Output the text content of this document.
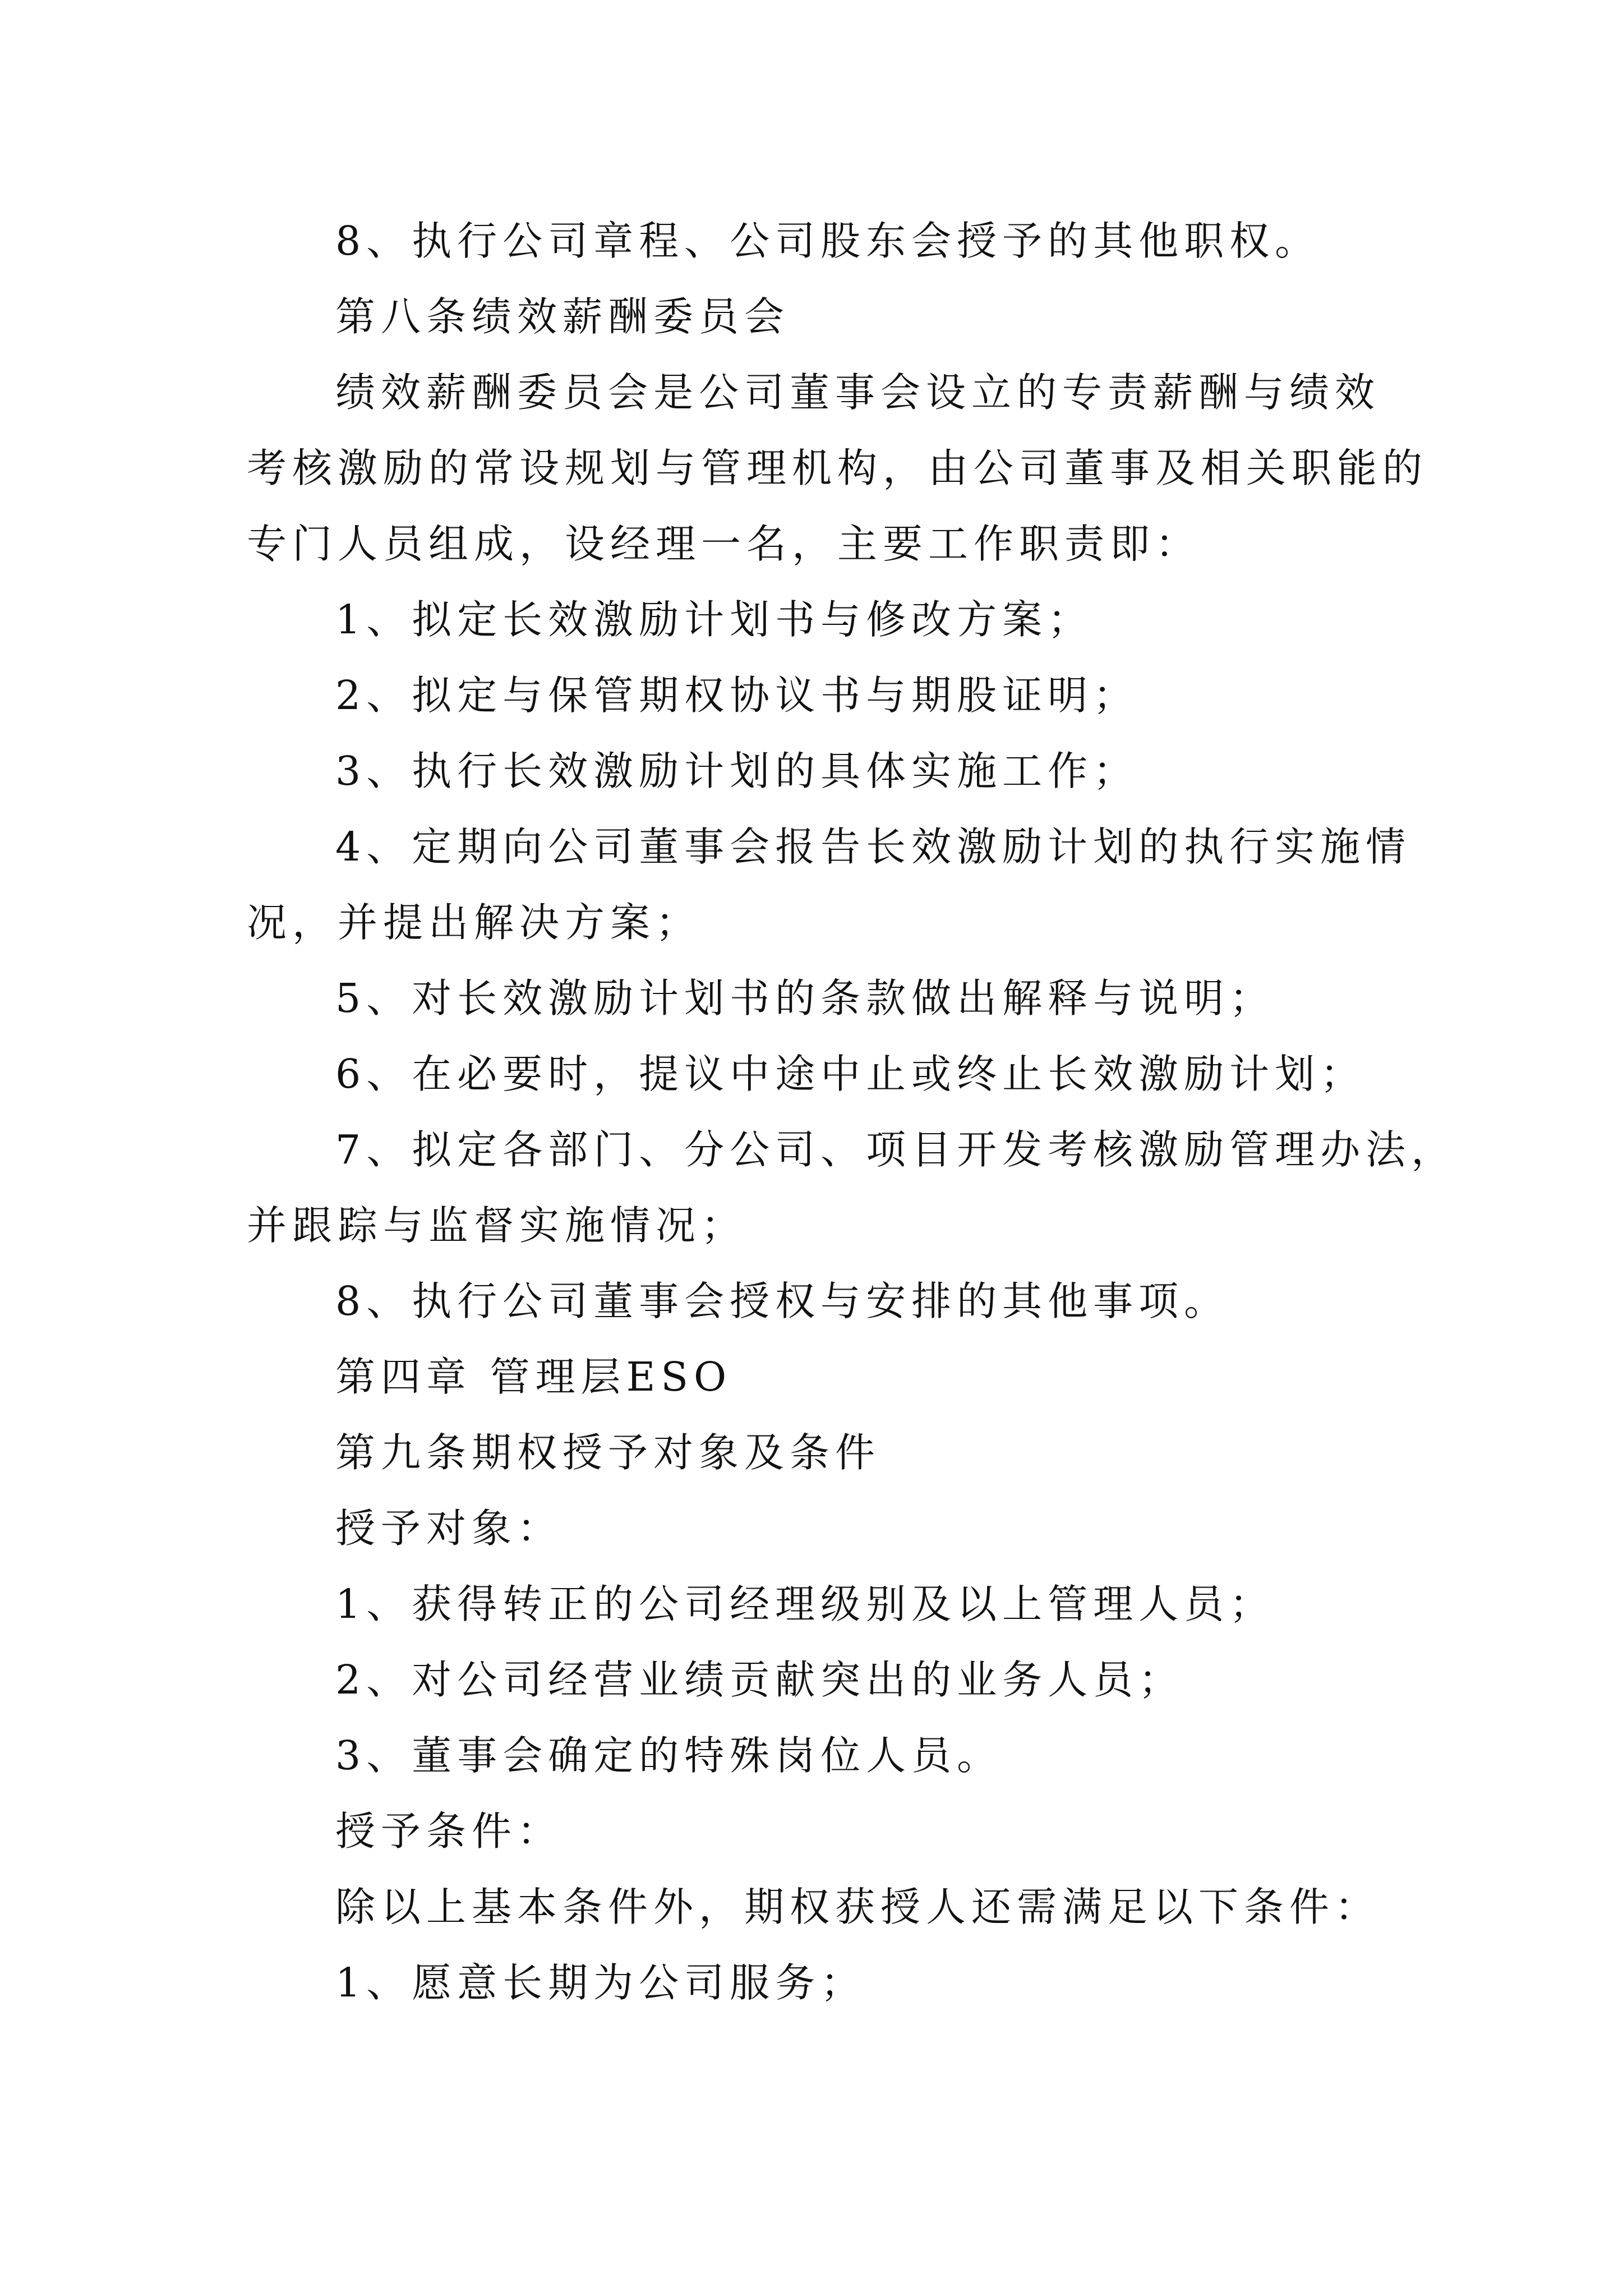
8、执行公司章程、公司股东会授予的其他职权。

第八条绩效薪酬委员会

绩效薪酬委员会是公司董事会设立的专责薪酬与绩效

考核激励的常设规划与管理机构，由公司董事及相关职能的

专门人员组成，设经理一名，主要工作职责即：

1、拟定长效激励计划书与修改方案；

2、拟定与保管期权协议书与期股证明；

3、执行长效激励计划的具体实施工作；

4、定期向公司董事会报告长效激励计划的执行实施情

况，并提出解决方案；

5、对长效激励计划书的条款做出解释与说明；

6、在必要时，提议中途中止或终止长效激励计划；

7、拟定各部门、分公司、项目开发考核激励管理办法，

并跟踪与监督实施情况；

8、执行公司董事会授权与安排的其他事项。

第四章 管理层ESO

第九条期权授予对象及条件

授予对象：

1、获得转正的公司经理级别及以上管理人员；

2、对公司经营业绩贡献突出的业务人员；

3、董事会确定的特殊岗位人员。

授予条件：

除以上基本条件外，期权获授人还需满足以下条件：

1、愿意长期为公司服务；
